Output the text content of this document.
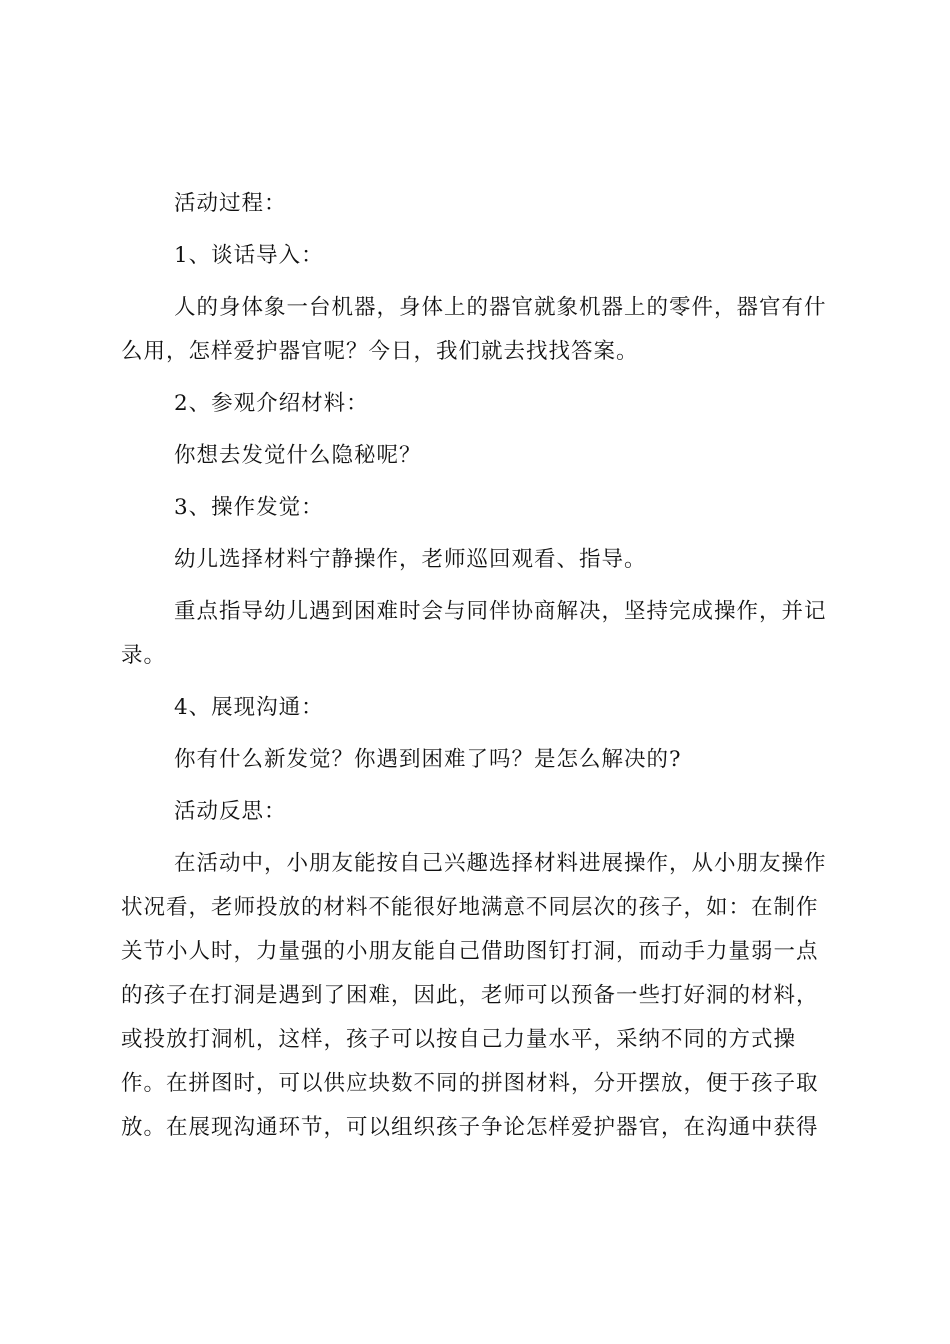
活动过程：

1、谈话导入：

人的身体象一台机器，身体上的器官就象机器上的零件，器官有什么用，怎样爱护器官呢？今日，我们就去找找答案。

2、参观介绍材料：

你想去发觉什么隐秘呢？

3、操作发觉：

幼儿选择材料宁静操作，老师巡回观看、指导。

重点指导幼儿遇到困难时会与同伴协商解决，坚持完成操作，并记录。

4、展现沟通：

你有什么新发觉？你遇到困难了吗？是怎么解决的?

活动反思：

在活动中，小朋友能按自己兴趣选择材料进展操作，从小朋友操作状况看，老师投放的材料不能很好地满意不同层次的孩子，如：在制作关节小人时，力量强的小朋友能自己借助图钉打洞，而动手力量弱一点的孩子在打洞是遇到了困难，因此，老师可以预备一些打好洞的材料，或投放打洞机，这样，孩子可以按自己力量水平，采纳不同的方式操作。在拼图时，可以供应块数不同的拼图材料，分开摆放，便于孩子取放。在展现沟通环节，可以组织孩子争论怎样爱护器官，在沟通中获得
